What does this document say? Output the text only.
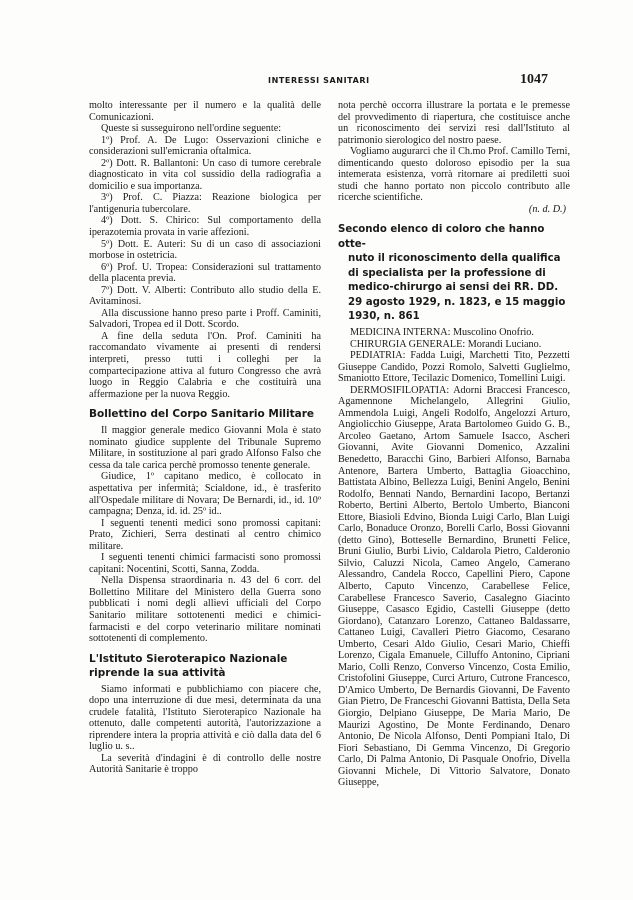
INTERESSI SANITARI	1047

molto interessante per il numero e la qualità delle Comunicazioni.

Queste si susseguirono nell'ordine seguente:

1º) Prof. A. De Lugo: Osservazioni cliniche e considerazioni sull'emicrania oftalmica.

2º) Dott. R. Ballantoni: Un caso di tumore cerebrale diagnosticato in vita col sussidio della radiografia a domicilio e sua importanza.

3º) Prof. C. Piazza: Reazione biologica per l'antigenuria tubercolare.

4º) Dott. S. Chirico: Sul comportamento della iperazotemia provata in varie affezioni.

5º) Dott. E. Auteri: Su di un caso di associazioni morbose in ostetricia.

6º) Prof. U. Tropea: Considerazioni sul trattamento della placenta previa.

7º) Dott. V. Alberti: Contributo allo studio della E. Avitaminosi.

Alla discussione hanno preso parte i Proff. Caminiti, Salvadori, Tropea ed il Dott. Scordo.

A fine della seduta l'On. Prof. Caminiti ha raccomandato vivamente ai presenti di rendersi interpreti, presso tutti i colleghi per la compartecipazione attiva al futuro Congresso che avrà luogo in Reggio Calabria e che costituirà una affermazione per la nuova Reggio.

Bollettino del Corpo Sanitario Militare

Il maggior generale medico Giovanni Mola è stato nominato giudice supplente del Tribunale Supremo Militare, in sostituzione al pari grado Alfonso Falso che cessa da tale carica perchè promosso tenente generale.

Giudice, 1º capitano medico, è collocato in aspettativa per infermità; Scialdone, id., è trasferito all'Ospedale militare di Novara; De Bernardi, id., id. 10º campagna; Denza, id. id. 25º id..

I seguenti tenenti medici sono promossi capitani: Prato, Zichieri, Serra destinati al centro chimico militare.

I seguenti tenenti chimici farmacisti sono promossi capitani: Nocentini, Scotti, Sanna, Zodda.

Nella Dispensa straordinaria n. 43 del 6 corr. del Bollettino Militare del Ministero della Guerra sono pubblicati i nomi degli allievi ufficiali del Corpo Sanitario militare sottotenenti medici e chimici-farmacisti e del corpo veterinario militare nominati sottotenenti di complemento.

L'Istituto Sieroterapico Nazionale riprende la sua attività

Siamo informati e pubblichiamo con piacere che, dopo una interruzione di due mesi, determinata da una crudele fatalità, l'Istituto Sieroterapico Nazionale ha ottenuto, dalle competenti autorità, l'autorizzazione a riprendere intera la propria attività e ciò dalla data del 6 luglio u. s..

La severità d'indagini è di controllo delle nostre Autorità Sanitarie è troppo

nota perchè occorra illustrare la portata e le premesse del provvedimento di riapertura, che costituisce anche un riconoscimento dei servizi resi dall'Istituto al patrimonio sierologico del nostro paese.

Vogliamo augurarci che il Ch.mo Prof. Camillo Terni, dimenticando questo doloroso episodio per la sua intemerata esistenza, vorrà ritornare ai prediletti suoi studi che hanno portato non piccolo contributo alle ricerche scientifiche.

(n. d. D.)

Secondo elenco di coloro che hanno otte-
nuto il riconoscimento della qualifica di specialista per la professione di medico-chirurgo ai sensi dei RR. DD. 29 agosto 1929, n. 1823, e 15 maggio 1930, n. 861

MEDICINA INTERNA: Muscolino Onofrio.

CHIRURGIA GENERALE: Morandi Luciano.

PEDIATRIA: Fadda Luigi, Marchetti Tito, Pezzetti Giuseppe Candido, Pozzi Romolo, Salvetti Guglielmo, Smaniotto Ettore, Tecilazic Domenico, Tomellini Luigi.

DERMOSIFILOPATIA: Adorni Braccesi Francesco, Agamennone Michelangelo, Allegrini Giulio, Ammendola Luigi, Angeli Rodolfo, Angelozzi Arturo, Angiolicchio Giuseppe, Arata Bartolomeo Guido G. B., Arcoleo Gaetano, Artom Samuele Isacco, Ascheri Giovanni, Avite Giovanni Domenico, Azzalini Benedetto, Baracchi Gino, Barbieri Alfonso, Barnaba Antenore, Bartera Umberto, Battaglia Gioacchino, Battistata Albino, Bellezza Luigi, Benini Angelo, Benini Rodolfo, Bennati Nando, Bernardini Iacopo, Bertanzi Roberto, Bertini Alberto, Bertolo Umberto, Bianconi Ettore, Biasioli Edvino, Bionda Luigi Carlo, Blan Luigi Carlo, Bonaduce Oronzo, Borelli Carlo, Bossi Giovanni (detto Gino), Botteselle Bernardino, Brunetti Felice, Bruni Giulio, Burbi Livio, Caldarola Pietro, Calderonio Silvio, Caluzzi Nicola, Cameo Angelo, Camerano Alessandro, Candela Rocco, Capellini Piero, Capone Alberto, Caputo Vincenzo, Carabellese Felice, Carabellese Francesco Saverio, Casalegno Giacinto Giuseppe, Casasco Egidio, Castelli Giuseppe (detto Giordano), Catanzaro Lorenzo, Cattaneo Baldassarre, Cattaneo Luigi, Cavalleri Pietro Giacomo, Cesarano Umberto, Cesari Aldo Giulio, Cesari Mario, Chieffi Lorenzo, Cigala Emanuele, Cilluffo Antonino, Cipriani Mario, Colli Renzo, Converso Vincenzo, Costa Emilio, Cristofolini Giuseppe, Curci Arturo, Cutrone Francesco, D'Amico Umberto, De Bernardis Giovanni, De Favento Gian Pietro, De Franceschi Giovanni Battista, Della Seta Giorgio, Delpiano Giuseppe, De Maria Mario, De Maurizi Agostino, De Monte Ferdinando, Denaro Antonio, De Nicola Alfonso, Denti Pompiani Italo, Di Fiori Sebastiano, Di Gemma Vincenzo, Di Gregorio Carlo, Di Palma Antonio, Di Pasquale Onofrio, Divella Giovanni Michele, Di Vittorio Salvatore, Donato Giuseppe,
